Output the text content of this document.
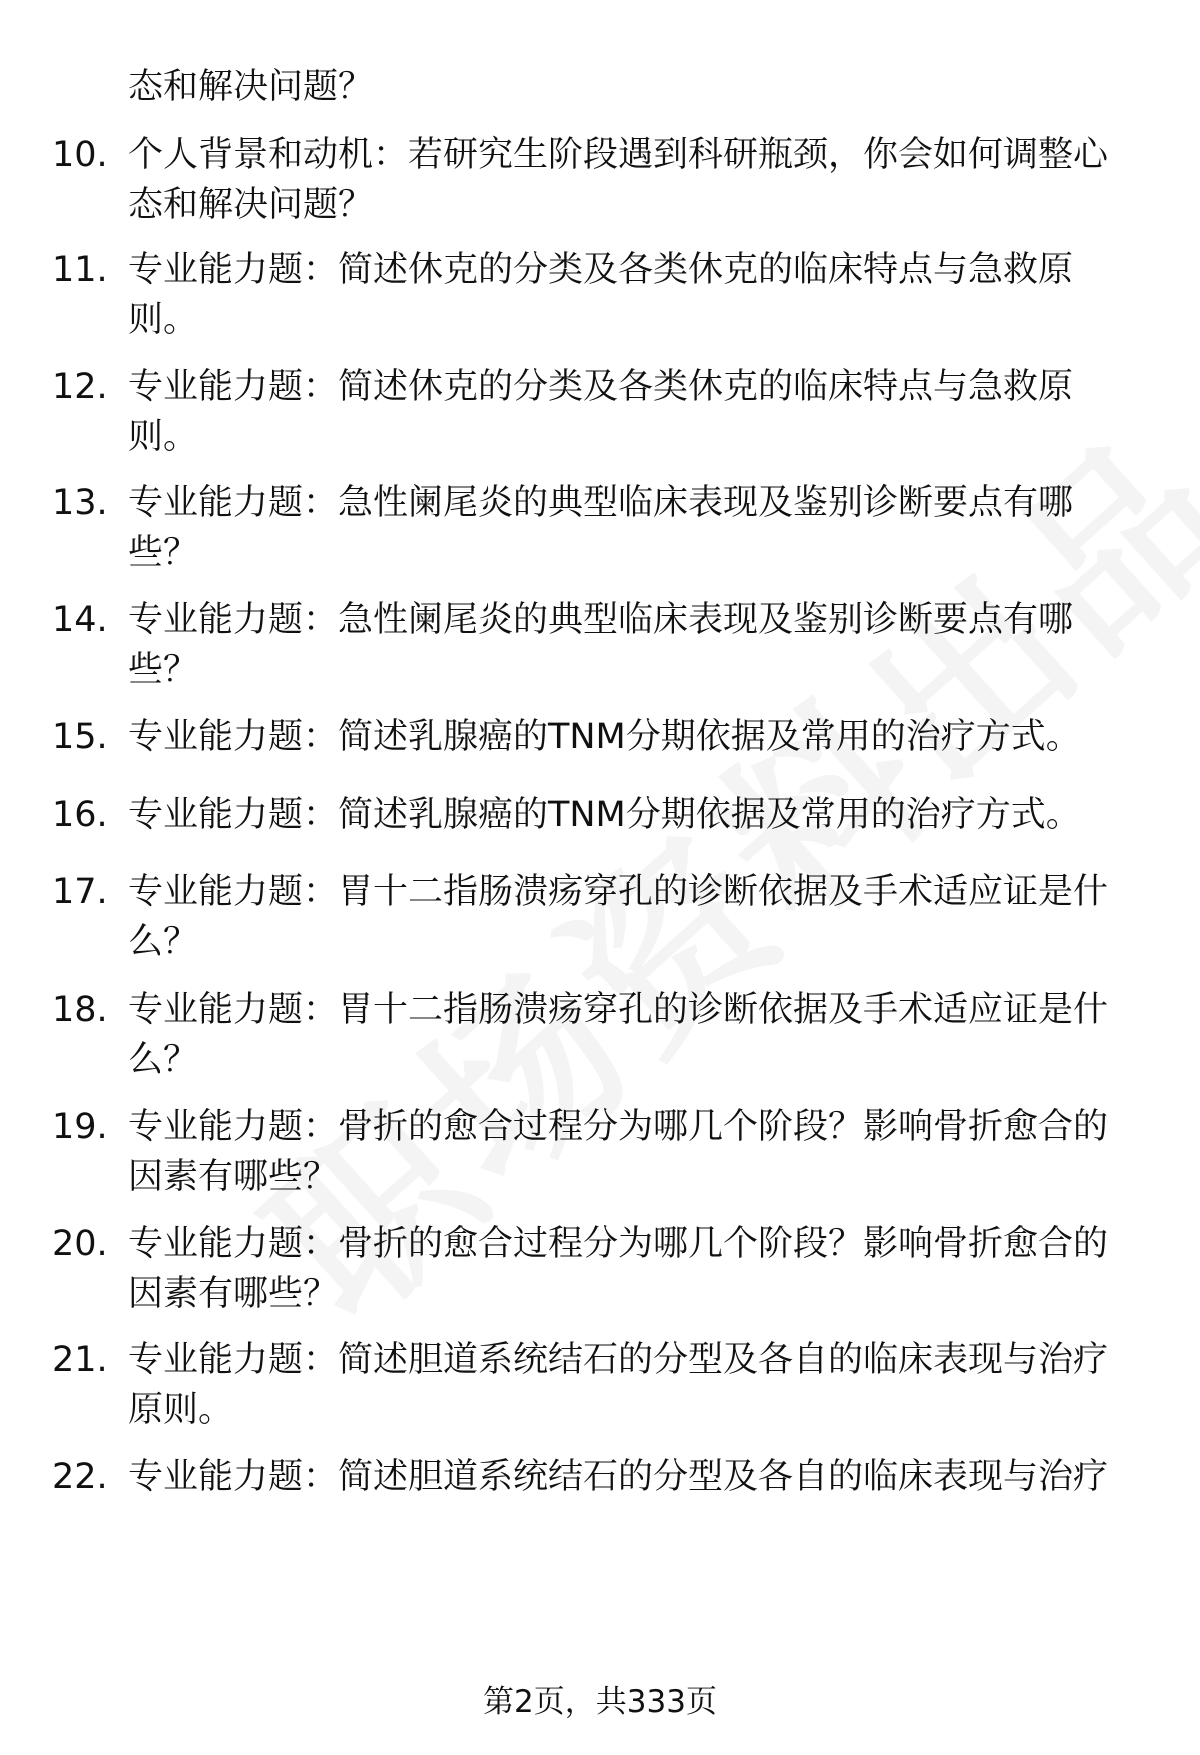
态和解决问题？
10. 个人背景和动机：若研究生阶段遇到科研瓶颈，你会如何调整心态和解决问题？
11. 专业能力题：简述休克的分类及各类休克的临床特点与急救原则。
12. 专业能力题：简述休克的分类及各类休克的临床特点与急救原则。
13. 专业能力题：急性阑尾炎的典型临床表现及鉴别诊断要点有哪些？
14. 专业能力题：急性阑尾炎的典型临床表现及鉴别诊断要点有哪些？
15. 专业能力题：简述乳腺癌的TNM分期依据及常用的治疗方式。
16. 专业能力题：简述乳腺癌的TNM分期依据及常用的治疗方式。
17. 专业能力题：胃十二指肠溃疡穿孔的诊断依据及手术适应证是什么？
18. 专业能力题：胃十二指肠溃疡穿孔的诊断依据及手术适应证是什么？
19. 专业能力题：骨折的愈合过程分为哪几个阶段？影响骨折愈合的因素有哪些？
20. 专业能力题：骨折的愈合过程分为哪几个阶段？影响骨折愈合的因素有哪些？
21. 专业能力题：简述胆道系统结石的分型及各自的临床表现与治疗原则。
22. 专业能力题：简述胆道系统结石的分型及各自的临床表现与治疗
第2页，共333页
